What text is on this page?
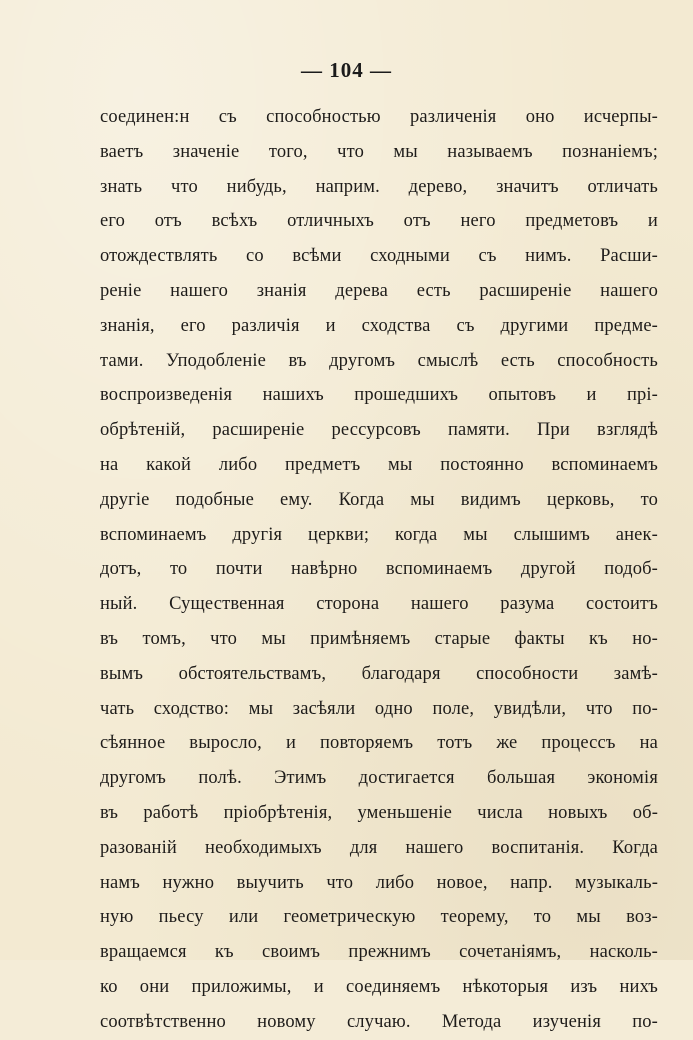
— 104 —
соединен:н съ способностью различенія оно исчерпы-
ваетъ значеніе того, что мы называемъ познаніемъ;
знать что нибудь, наприм. дерево, значитъ отличать
его отъ всѣхъ отличныхъ отъ него предметовъ и
отождествлять со всѣми сходными съ нимъ. Расши-
реніе нашего знанія дерева есть расширеніе нашего
знанія, его различія и сходства съ другими предме-
тами. Уподобленіе въ другомъ смыслѣ есть способность
воспроизведенія нашихъ прошедшихъ опытовъ и прі-
обрѣтеній, расширеніе рессурсовъ памяти. При взглядѣ
на какой либо предметъ мы постоянно вспоминаемъ
другіе подобные ему. Когда мы видимъ церковь, то
вспоминаемъ другія церкви; когда мы слышимъ анек-
дотъ, то почти навѣрно вспоминаемъ другой подоб-
ный. Существенная сторона нашего разума состоитъ
въ томъ, что мы примѣняемъ старые факты къ но-
вымъ обстоятельствамъ, благодаря способности замѣ-
чать сходство: мы засѣяли одно поле, увидѣли, что по-
сѣянное выросло, и повторяемъ тотъ же процессъ на
другомъ полѣ. Этимъ достигается большая экономія
въ работѣ пріобрѣтенія, уменьшеніе числа новыхъ об-
разованій необходимыхъ для нашего воспитанія. Когда
намъ нужно выучить что либо новое, напр. музыкаль-
ную пьесу или геометрическую теорему, то мы воз-
вращаемся къ своимъ прежнимъ сочетаніямъ, насколь-
ко они приложимы, и соединяемъ нѣкоторыя изъ нихъ
соотвѣтственно новому случаю. Метода изученія по-
